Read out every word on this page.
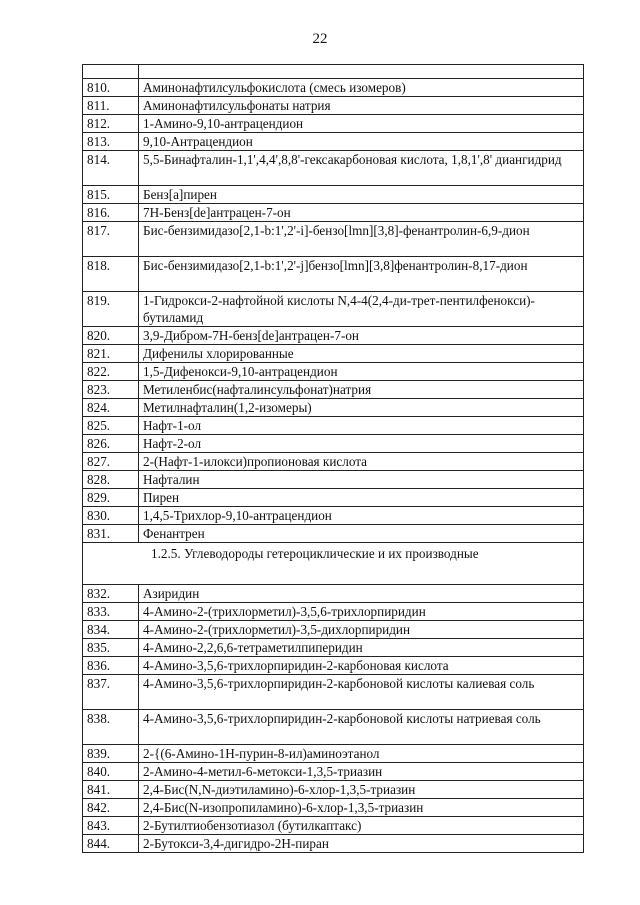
22

810.	Аминонафтилсульфокислота (смесь изомеров)
811.	Аминонафтилсульфонаты натрия
812.	1-Амино-9,10-антрацендион
813.	9,10-Антрацендион
814.	5,5-Бинафталин-1,1',4,4',8,8'-гексакарбоновая кислота, 1,8,1',8' диангидрид
815.	Бенз[а]пирен
816.	7H-Бенз[de]антрацен-7-он
817.	Бис-бензимидазо[2,1-b:1',2'-i]-бензо[lmn][3,8]-фенантролин-6,9-дион
818.	Бис-бензимидазо[2,1-b:1',2'-j]бензо[lmn][3,8]фенантролин-8,17-дион
819.	1-Гидрокси-2-нафтойной кислоты N,4-4(2,4-ди-трет-пентилфенокси)-бутиламид
820.	3,9-Дибром-7H-бенз[de]антрацен-7-он
821.	Дифенилы хлорированные
822.	1,5-Дифенокси-9,10-антрацендион
823.	Метиленбис(нафталинсульфонат)натрия
824.	Метилнафталин(1,2-изомеры)
825.	Нафт-1-ол
826.	Нафт-2-ол
827.	2-(Нафт-1-илокси)пропионовая кислота
828.	Нафталин
829.	Пирен
830.	1,4,5-Трихлор-9,10-антрацендион
831.	Фенантрен

1.2.5. Углеводороды гетероциклические и их производные	

832.	Азиридин
833.	4-Амино-2-(трихлорметил)-3,5,6-трихлорпиридин
834.	4-Амино-2-(трихлорметил)-3,5-дихлорпиридин
835.	4-Амино-2,2,6,6-тетраметилпиперидин
836.	4-Амино-3,5,6-трихлорпиридин-2-карбоновая кислота
837.	4-Амино-3,5,6-трихлорпиридин-2-карбоновой кислоты калиевая соль
838.	4-Амино-3,5,6-трихлорпиридин-2-карбоновой кислоты натриевая соль
839.	2-{(6-Амино-1H-пурин-8-ил)аминоэтанол
840.	2-Амино-4-метил-6-метокси-1,3,5-триазин
841.	2,4-Бис(N,N-диэтиламино)-6-хлор-1,3,5-триазин
842.	2,4-Бис(N-изопропиламино)-6-хлор-1,3,5-триазин
843.	2-Бутилтиобензотиазол (бутилкаптакс)
844.	2-Бутокси-3,4-дигидро-2H-пиран
